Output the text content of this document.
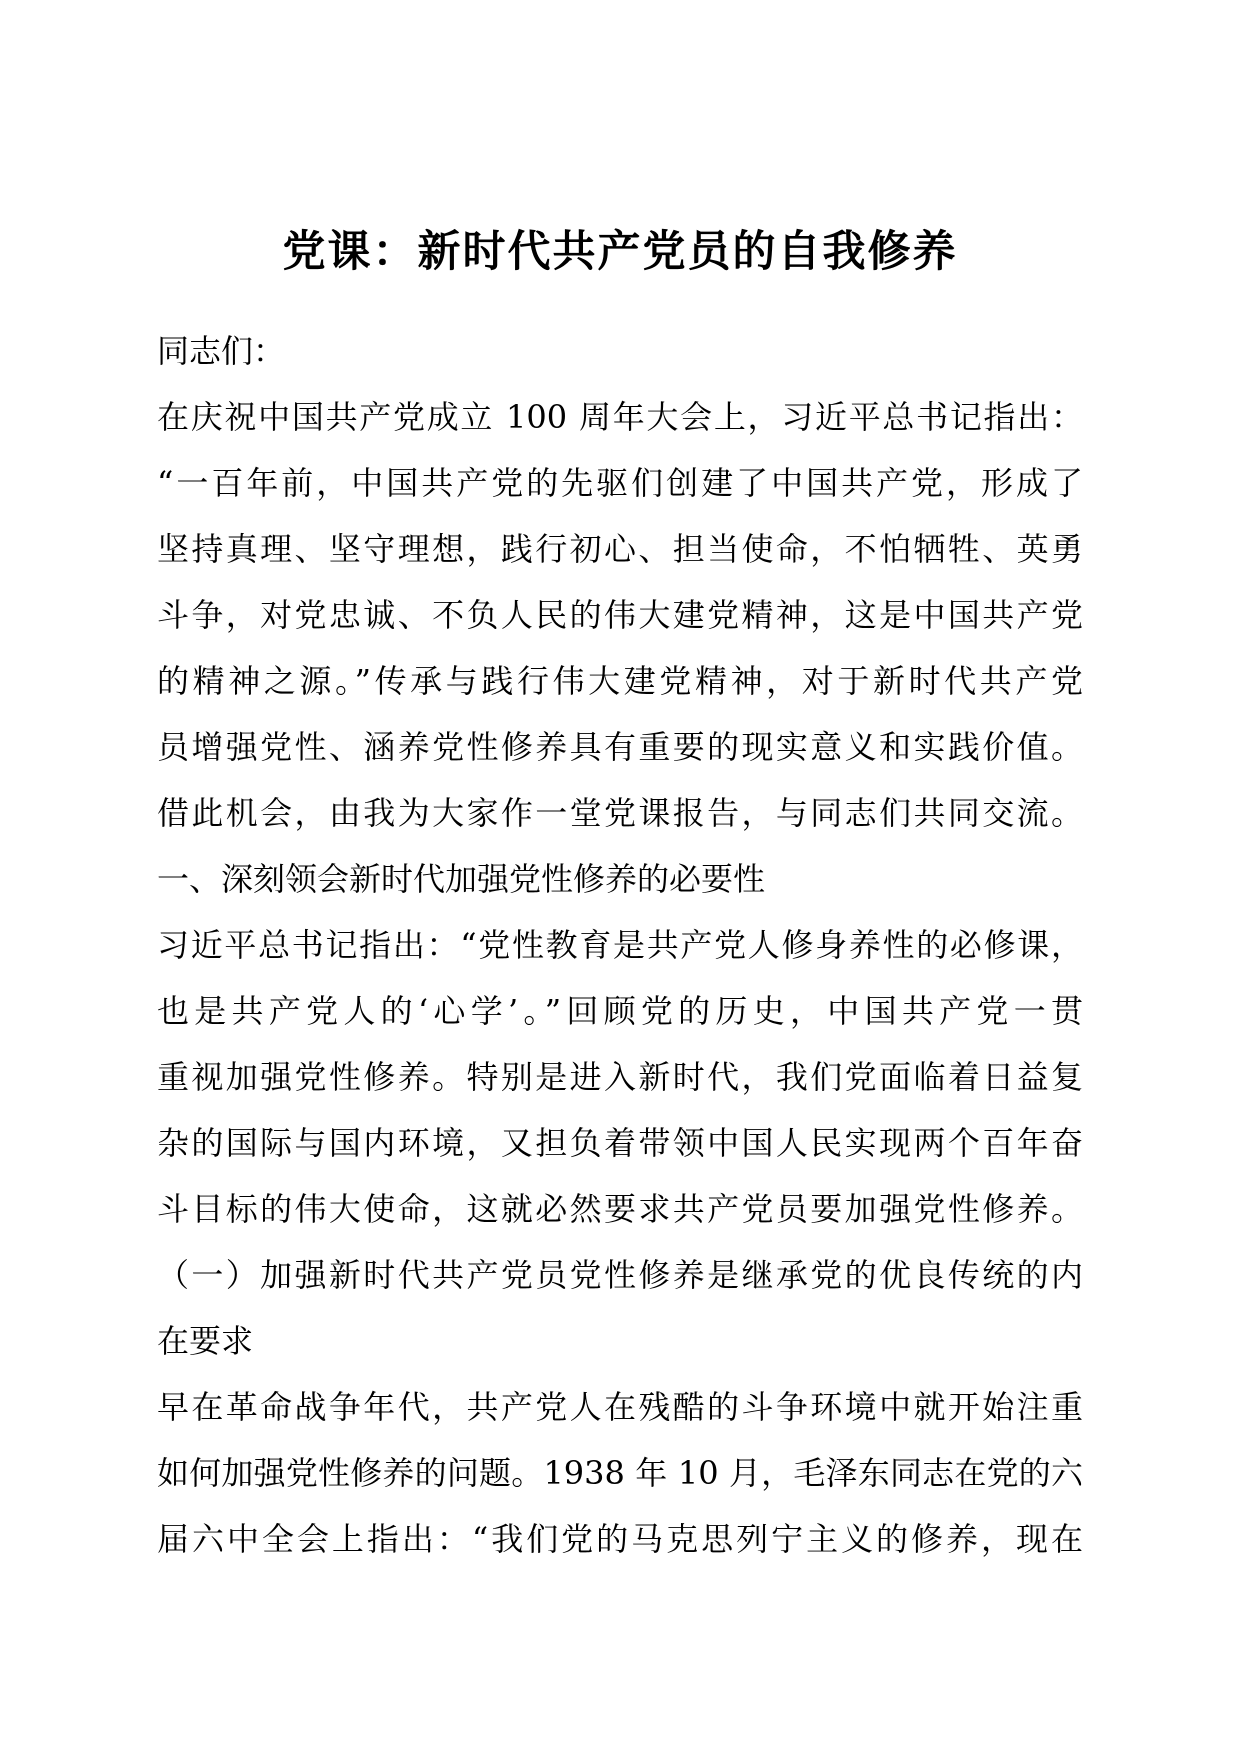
党课：新时代共产党员的自我修养
同志们：
在庆祝中国共产党成立 100 周年大会上，习近平总书记指出：
“一百年前，中国共产党的先驱们创建了中国共产党，形成了
坚持真理、坚守理想，践行初心、担当使命，不怕牺牲、英勇
斗争，对党忠诚、不负人民的伟大建党精神，这是中国共产党
的精神之源。”传承与践行伟大建党精神，对于新时代共产党
员增强党性、涵养党性修养具有重要的现实意义和实践价值。
借此机会，由我为大家作一堂党课报告，与同志们共同交流。
一、深刻领会新时代加强党性修养的必要性
习近平总书记指出：“党性教育是共产党人修身养性的必修课，
也是共产党人的‘心学’。”回顾党的历史，中国共产党一贯
重视加强党性修养。特别是进入新时代，我们党面临着日益复
杂的国际与国内环境，又担负着带领中国人民实现两个百年奋
斗目标的伟大使命，这就必然要求共产党员要加强党性修养。
（一）加强新时代共产党员党性修养是继承党的优良传统的内
在要求
早在革命战争年代，共产党人在残酷的斗争环境中就开始注重
如何加强党性修养的问题。1938 年 10 月，毛泽东同志在党的六
届六中全会上指出：“我们党的马克思列宁主义的修养，现在
